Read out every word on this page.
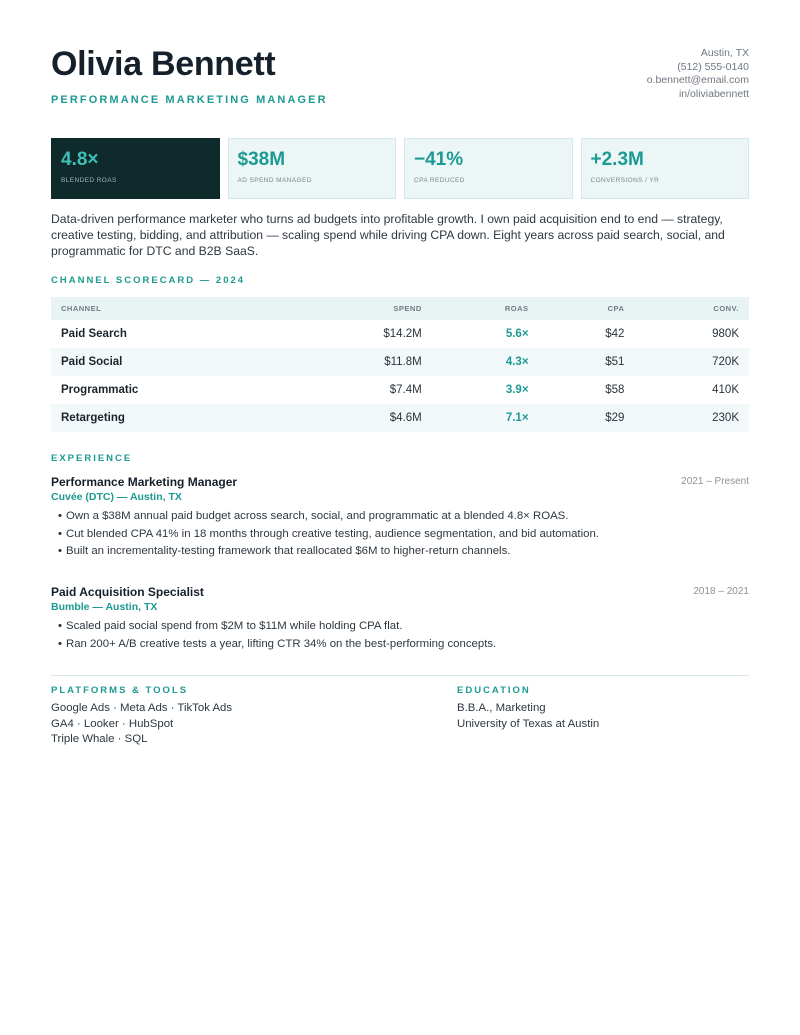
Olivia Bennett
PERFORMANCE MARKETING MANAGER
Austin, TX
(512) 555-0140
o.bennett@email.com
in/oliviabennett
4.8×
BLENDED ROAS
$38M
AD SPEND MANAGED
−41%
CPA REDUCED
+2.3M
CONVERSIONS / YR
Data-driven performance marketer who turns ad budgets into profitable growth. I own paid acquisition end to end — strategy, creative testing, bidding, and attribution — scaling spend while driving CPA down. Eight years across paid search, social, and programmatic for DTC and B2B SaaS.
CHANNEL SCORECARD — 2024
CHANNEL	SPEND	ROAS	CPA	CONV.
Paid Search	$14.2M	5.6×	$42	980K
Paid Social	$11.8M	4.3×	$51	720K
Programmatic	$7.4M	3.9×	$58	410K
Retargeting	$4.6M	7.1×	$29	230K
EXPERIENCE
Performance Marketing Manager	2021 – Present
Cuvée (DTC) — Austin, TX
• Own a $38M annual paid budget across search, social, and programmatic at a blended 4.8× ROAS.
• Cut blended CPA 41% in 18 months through creative testing, audience segmentation, and bid automation.
• Built an incrementality-testing framework that reallocated $6M to higher-return channels.
Paid Acquisition Specialist	2018 – 2021
Bumble — Austin, TX
• Scaled paid social spend from $2M to $11M while holding CPA flat.
• Ran 200+ A/B creative tests a year, lifting CTR 34% on the best-performing concepts.
PLATFORMS & TOOLS
Google Ads · Meta Ads · TikTok Ads
GA4 · Looker · HubSpot
Triple Whale · SQL
EDUCATION
B.B.A., Marketing
University of Texas at Austin
